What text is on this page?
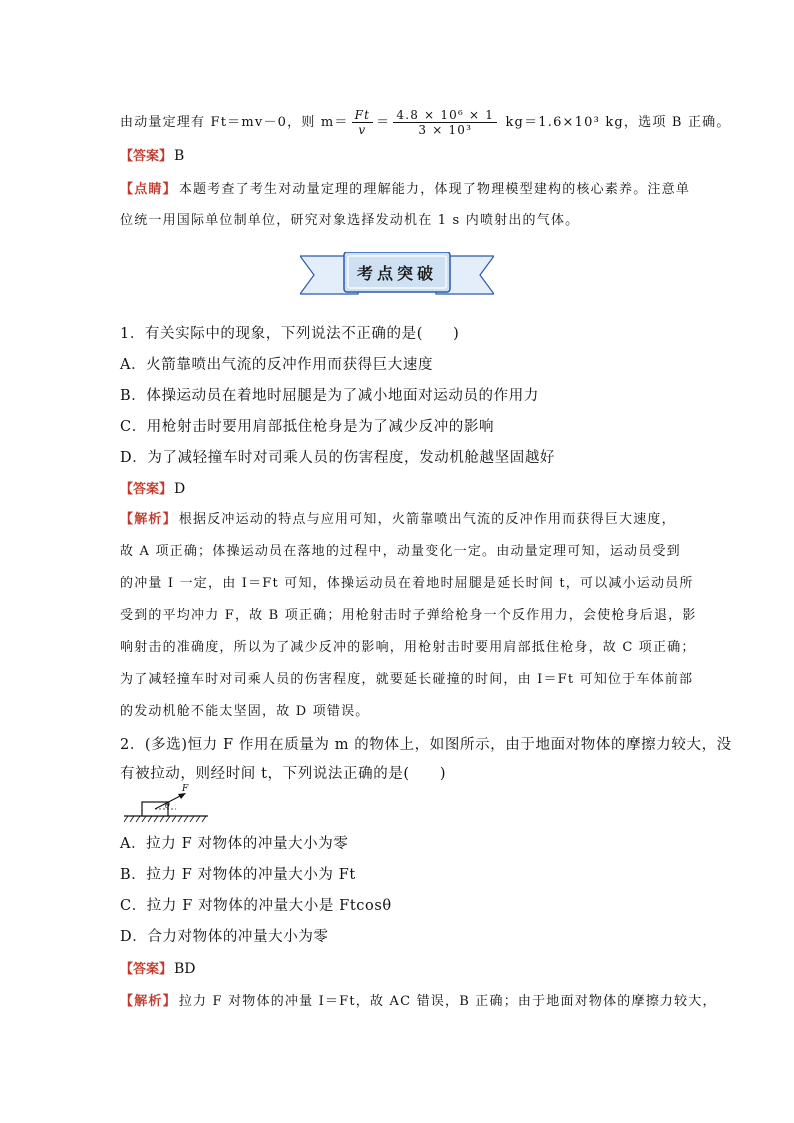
由动量定理有 Ft＝mv－0，则 $m= \frac{Ft}{v} = \frac{\text{4.8 × 10⁶ × 1}}{\text{3 × 10³}} kg=1.6\times 10^3$ kg，选项 B 正确。
【答案】 B
【点睛】 本题考查了考生对动量定理的理解能力，体现了物理模型建构的核心素养。注意单
位统一用国际单位制单位，研究对象选择发动机在 1 s 内喷射出的气体。
考点突破
1．有关实际中的现象，下列说法不正确的是(　　)
A．火箭靠喷出气流的反冲作用而获得巨大速度
B．体操运动员在着地时屈腿是为了减小地面对运动员的作用力
C．用枪射击时要用肩部抵住枪身是为了减少反冲的影响
D．为了减轻撞车时对司乘人员的伤害程度，发动机舱越坚固越好
【答案】 D
【解析】 根据反冲运动的特点与应用可知，火箭靠喷出气流的反冲作用而获得巨大速度，
故 A 项正确；体操运动员在落地的过程中，动量变化一定。由动量定理可知，运动员受到
的冲量 I 一定，由 I＝Ft 可知，体操运动员在着地时屈腿是延长时间 t，可以减小运动员所
受到的平均冲力 F，故 B 项正确；用枪射击时子弹给枪身一个反作用力，会使枪身后退，影
响射击的准确度，所以为了减少反冲的影响，用枪射击时要用肩部抵住枪身，故 C 项正确；
为了减轻撞车时对司乘人员的伤害程度，就要延长碰撞的时间，由 I＝Ft 可知位于车体前部
的发动机舱不能太坚固，故 D 项错误。
2．(多选)恒力 F 作用在质量为 m 的物体上，如图所示，由于地面对物体的摩擦力较大，没
有被拉动，则经时间 t，下列说法正确的是(　　)
F
θ
A．拉力 F 对物体的冲量大小为零
B．拉力 F 对物体的冲量大小为 Ft
C．拉力 F 对物体的冲量大小是 Ftcosθ
D．合力对物体的冲量大小为零
【答案】 BD
【解析】 拉力 F 对物体的冲量 I＝Ft，故 AC 错误，B 正确；由于地面对物体的摩擦力较大，
